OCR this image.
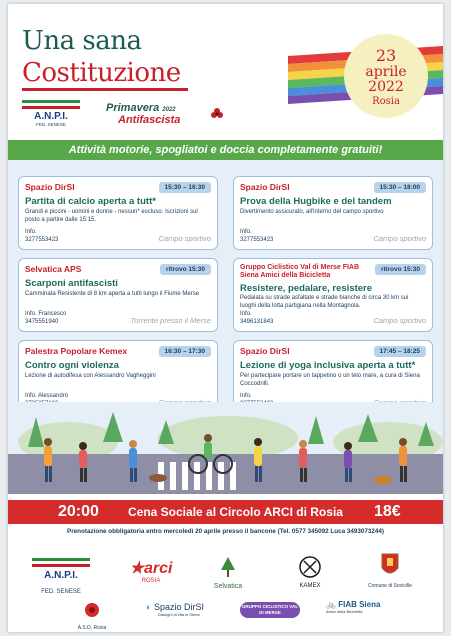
Una sana
Costituzione
A.N.P.I.
FED. SENESE
Primavera 2022
Antifascista
23
aprile
2022
Rosia
Attività motorie, spogliatoi e doccia completamente gratuiti!
Spazio DirSI	15:30 – 16:30
Partita di calcio aperta a tutt*
Grandi e piccini - uomini e donne - nessun* escluso. Iscrizioni sul posto a partire dalle 15:15.
Info.
3277553423	Campo sportivo
Spazio DirSI	15:30 – 18:00
Prova della Hugbike e del tandem
Divertimento assicurato, all'interno del campo sportivo
Info.
3277553423	Campo sportivo
Selvatica APS	ritrovo 15:30
Scarponi antifascisti
Camminata Resistente di 8 km aperta a tutti lungo il Fiume Merse
Info. Francesco
3475551940	Torrente presso il Merse
Gruppo Ciclistico Val di Merse FIAB Siena Amici della Bicicletta
ritrovo 15:30
Resistere, pedalare, resistere
Pedalata su strade asfaltate e strade bianche di circa 30 km sui luoghi della lotta partigiana nella Montagnola.
Info.
3496131843	Campo sportivo
Palestra Popolare Kemex	16:30 – 17:30
Contro ogni violenza
Lezione di autodifesa con Alessandro Vagheggini
Info. Alessandro
Spazio DirSI	17:45 – 18:25
Lezione di yoga inclusiva aperta a tutt*
Per partecipare portare un tappetino o un telo mare, a cura di Siena Coccodrilli.
Info.
20:00 Cena Sociale al Circolo ARCI di Rosia 18€
Prenotazione obbligatoria entro mercoledì 20 aprile presso il bancone (Tel. 0577 345092 Luca 3493073244)
A.N.P.I.
FED. SENESE
★arci
ROSIA
Selvatica	KAMEX	Comune di Sovicille
A.S.D. Rosia
◐ Spazio DirSI
Dialoghi di vita in Siena
GRUPPO CICLISTICO VAL DI MERSE
🚲 FIAB Siena
Amici della Bicicletta
